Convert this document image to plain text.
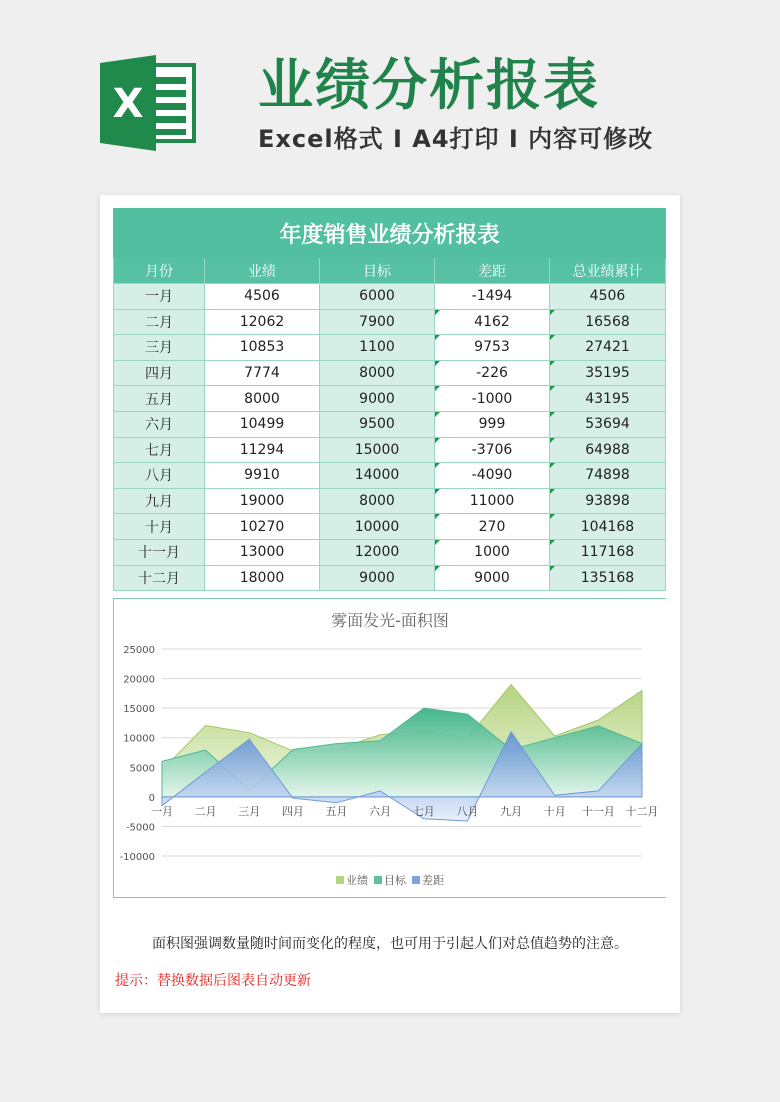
X 业绩分析报表
Excel格式 Ι A4打印 Ι 内容可修改
年度销售业绩分析报表				
月份	业绩	目标	差距	总业绩累计
一月	4506	6000	-1494	4506
二月	12062	7900	4162	16568
三月	10853	1100	9753	27421
四月	7774	8000	-226	35195
五月	8000	9000	-1000	43195
六月	10499	9500	999	53694
七月	11294	15000	-3706	64988
八月	9910	14000	-4090	74898
九月	19000	8000	11000	93898
十月	10270	10000	270	104168
十一月	13000	12000	1000	117168
十二月	18000	9000	9000	135168
雾面发光-面积图
25000
20000
15000
10000
5000
0
-5000
-10000
一月 二月 三月 四月 五月 六月 七月 八月 九月 十月 十一月 十二月
业绩 目标 差距
面积图强调数量随时间而变化的程度，也可用于引起人们对总值趋势的注意。
提示：替换数据后图表自动更新
